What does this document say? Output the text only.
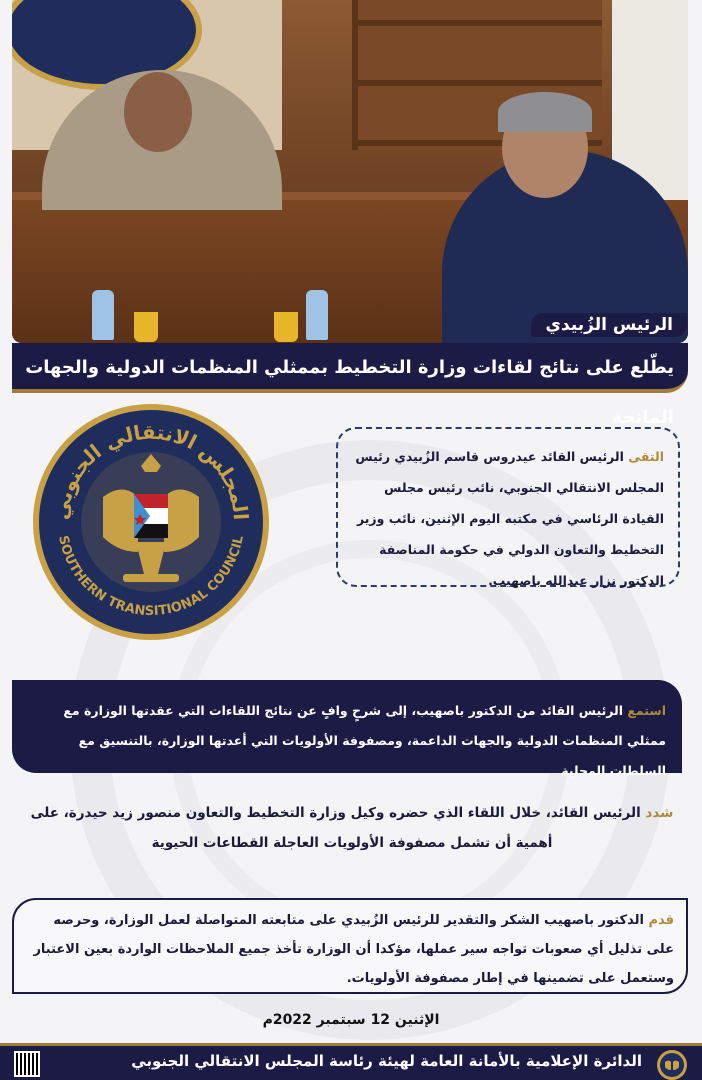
الرئيس الزُبيدي
يطّلع على نتائج لقاءات وزارة التخطيط بممثلي المنظمات الدولية والجهات المانحة
المجلس الانتقالي الجنوبي
SOUTHERN TRANSITIONAL COUNCIL
التقى الرئيس القائد عيدروس قاسم الزُبيدي رئيس المجلس الانتقالي الجنوبي، نائب رئيس مجلس القيادة الرئاسي في مكتبه اليوم الإثنين، نائب وزير التخطيط والتعاون الدولي في حكومة المناصفة الدكتور نزار عبدالله باصهيب.
استمع الرئيس القائد من الدكتور باصهيب، إلى شرحٍ وافٍ عن نتائج اللقاءات التي عقدتها الوزارة مع ممثلي المنظمات الدولية والجهات الداعمة، ومصفوفة الأولويات التي أعدتها الوزارة، بالتنسيق مع السلطات المحلية
شدد الرئيس القائد، خلال اللقاء الذي حضره وكيل وزارة التخطيط والتعاون منصور زيد حيدرة، على أهمية أن تشمل مصفوفة الأولويات العاجلة القطاعات الحيوية
قدم الدكتور باصهيب الشكر والتقدير للرئيس الزُبيدي على متابعته المتواصلة لعمل الوزارة، وحرصه على تذليل أي صعوبات تواجه سير عملها، مؤكدا أن الوزارة تأخذ جميع الملاحظات الواردة بعين الاعتبار وستعمل على تضمينها في إطار مصفوفة الأولويات.
الإثنين 12 سبتمبر 2022م
الدائرة الإعلامية بالأمانة العامة لهيئة رئاسة المجلس الانتقالي الجنوبي
